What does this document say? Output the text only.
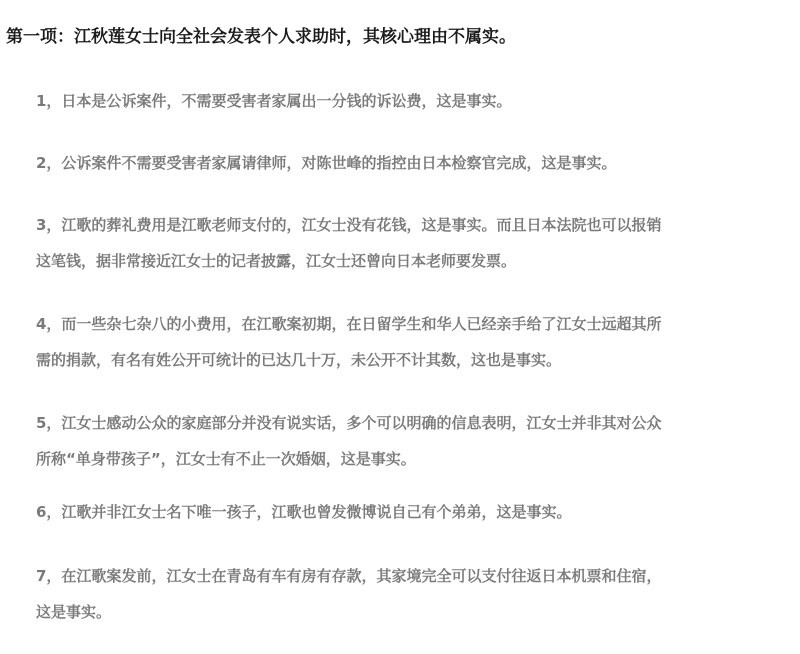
第一项：江秋莲女士向全社会发表个人求助时，其核心理由不属实。
1，日本是公诉案件，不需要受害者家属出一分钱的诉讼费，这是事实。
2，公诉案件不需要受害者家属请律师，对陈世峰的指控由日本检察官完成，这是事实。
3，江歌的葬礼费用是江歌老师支付的，江女士没有花钱，这是事实。而且日本法院也可以报销
这笔钱，据非常接近江女士的记者披露，江女士还曾向日本老师要发票。
4，而一些杂七杂八的小费用，在江歌案初期，在日留学生和华人已经亲手给了江女士远超其所
需的捐款，有名有姓公开可统计的已达几十万，未公开不计其数，这也是事实。
5，江女士感动公众的家庭部分并没有说实话，多个可以明确的信息表明，江女士并非其对公众
所称“单身带孩子”，江女士有不止一次婚姻，这是事实。
6，江歌并非江女士名下唯一孩子，江歌也曾发微博说自己有个弟弟，这是事实。
7，在江歌案发前，江女士在青岛有车有房有存款，其家境完全可以支付往返日本机票和住宿，
这是事实。
